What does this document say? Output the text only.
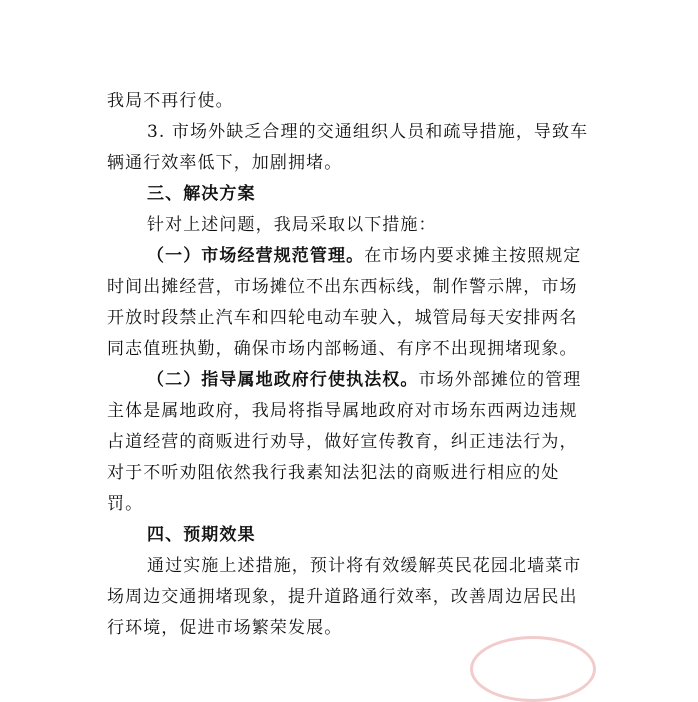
我局不再行使。
3. 市场外缺乏合理的交通组织人员和疏导措施，导致车
辆通行效率低下，加剧拥堵。
三、解决方案
针对上述问题，我局采取以下措施：
（一）市场经营规范管理。在市场内要求摊主按照规定
时间出摊经营，市场摊位不出东西标线，制作警示牌，市场
开放时段禁止汽车和四轮电动车驶入，城管局每天安排两名
同志值班执勤，确保市场内部畅通、有序不出现拥堵现象。
（二）指导属地政府行使执法权。市场外部摊位的管理
主体是属地政府，我局将指导属地政府对市场东西两边违规
占道经营的商贩进行劝导，做好宣传教育，纠正违法行为，
对于不听劝阻依然我行我素知法犯法的商贩进行相应的处
罚。
四、预期效果
通过实施上述措施，预计将有效缓解英民花园北墙菜市
场周边交通拥堵现象，提升道路通行效率，改善周边居民出
行环境，促进市场繁荣发展。
